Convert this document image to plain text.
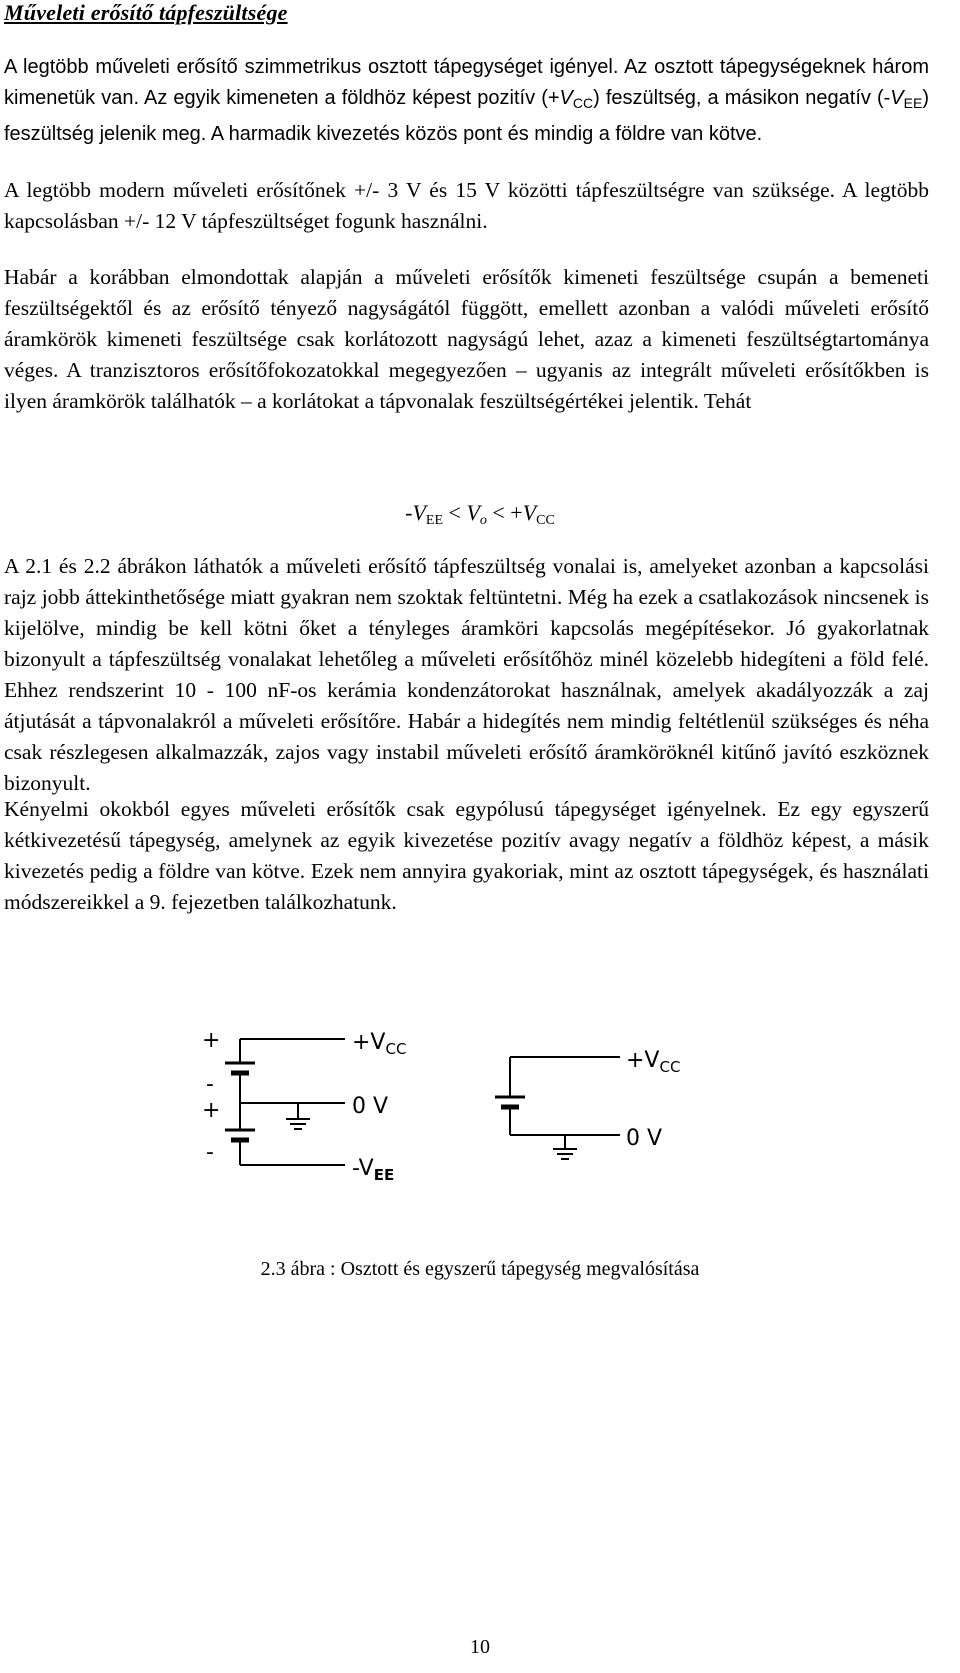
Műveleti erősítő tápfeszültsége

A legtöbb műveleti erősítő szimmetrikus osztott tápegységet igényel. Az osztott tápegységeknek három kimenetük van. Az egyik kimeneten a földhöz képest pozitív $(+V_{CC})$ feszültség, a másikon negatív $(-V_{EE})$ feszültség jelenik meg. A harmadik kivezetés közös pont és mindig a földre van kötve.

A legtöbb modern műveleti erősítőnek +/- 3 V és 15 V közötti tápfeszültségre van szüksége. A legtöbb kapcsolásban +/- 12 V tápfeszültséget fogunk használni.

Habár a korábban elmondottak alapján a műveleti erősítők kimeneti feszültsége csupán a bemeneti feszültségektől és az erősítő tényező nagyságától függött, emellett azonban a valódi műveleti erősítő áramkörök kimeneti feszültsége csak korlátozott nagyságú lehet, azaz a kimeneti feszültségtartománya véges. A tranzisztoros erősítőfokozatokkal megegyezően – ugyanis az integrált műveleti erősítőkben is ilyen áramkörök találhatók – a korlátokat a tápvonalak feszültségértékei jelentik. Tehát

$-V_{EE} < V_o < +V_{CC}$

A 2.1 és 2.2 ábrákon láthatók a műveleti erősítő tápfeszültség vonalai is, amelyeket azonban a kapcsolási rajz jobb áttekinthetősége miatt gyakran nem szoktak feltüntetni. Még ha ezek a csatlakozások nincsenek is kijelölve, mindig be kell kötni őket a tényleges áramköri kapcsolás megépítésekor. Jó gyakorlatnak bizonyult a tápfeszültség vonalakat lehetőleg a műveleti erősítőhöz minél közelebb hidegíteni a föld felé. Ehhez rendszerint 10 - 100 nF-os kerámia kondenzátorokat használnak, amelyek akadályozzák a zaj átjutását a tápvonalakról a műveleti erősítőre. Habár a hidegítés nem mindig feltétlenül szükséges és néha csak részlegesen alkalmazzák, zajos vagy instabil műveleti erősítő áramköröknél kitűnő javító eszköznek bizonyult.

Kényelmi okokból egyes műveleti erősítők csak egypólusú tápegységet igényelnek. Ez egy egyszerű kétkivezetésű tápegység, amelynek az egyik kivezetése pozitív avagy negatív a földhöz képest, a másik kivezetés pedig a földre van kötve. Ezek nem annyira gyakoriak, mint az osztott tápegységek, és használati módszereikkel a 9. fejezetben találkozhatunk.

+
-
+
-
$+V_{CC}$
0 V
$-V_{EE}$
$+V_{CC}$
0 V
2.3 ábra : Osztott és egyszerű tápegység megvalósítása
10
